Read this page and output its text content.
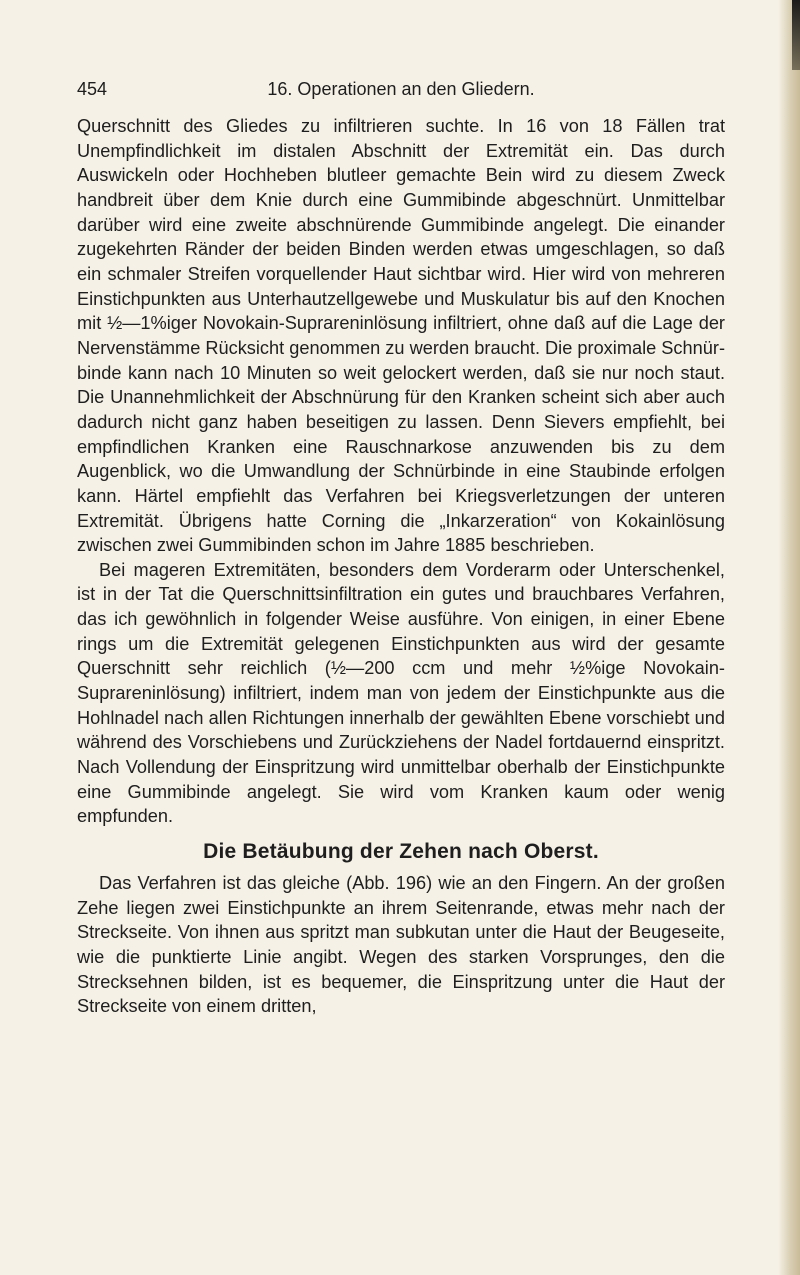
454	16. Operationen an den Gliedern.

Querschnitt des Gliedes zu infiltrieren suchte. In 16 von 18 Fällen trat Unempfindlichkeit im distalen Abschnitt der Extremität ein. Das durch Auswickeln oder Hochheben blutleer gemachte Bein wird zu diesem Zweck handbreit über dem Knie durch eine Gummibinde abgeschnürt. Unmittelbar darüber wird eine zweite abschnürende Gummibinde angelegt. Die einander zugekehrten Ränder der beiden Binden werden etwas umgeschlagen, so daß ein schmaler Streifen vorquellender Haut sichtbar wird. Hier wird von mehreren Einstichpunkten aus Unterhautzellgewebe und Muskulatur bis auf den Knochen mit ½—1%iger Novokain-Suprareninlösung infiltriert, ohne daß auf die Lage der Nervenstämme Rücksicht genommen zu werden braucht. Die proximale Schnürbinde kann nach 10 Minuten so weit gelockert werden, daß sie nur noch staut. Die Unannehmlichkeit der Abschnürung für den Kranken scheint sich aber auch dadurch nicht ganz haben beseitigen zu lassen. Denn Sievers empfiehlt, bei empfindlichen Kranken eine Rauschnarkose anzuwenden bis zu dem Augenblick, wo die Umwandlung der Schnürbinde in eine Staubinde erfolgen kann. Härtel empfiehlt das Verfahren bei Kriegsverletzungen der unteren Extremität. Übrigens hatte Corning die „Inkarzeration“ von Kokainlösung zwischen zwei Gummibinden schon im Jahre 1885 beschrieben.

Bei mageren Extremitäten, besonders dem Vorderarm oder Unterschenkel, ist in der Tat die Querschnittsinfiltration ein gutes und brauchbares Verfahren, das ich gewöhnlich in folgender Weise ausführe. Von einigen, in einer Ebene rings um die Extremität gelegenen Einstichpunkten aus wird der gesamte Querschnitt sehr reichlich (½—200 ccm und mehr ½%ige Novokain-Suprareninlösung) infiltriert, indem man von jedem der Einstichpunkte aus die Hohlnadel nach allen Richtungen innerhalb der gewählten Ebene vorschiebt und während des Vorschiebens und Zurückziehens der Nadel fortdauernd einspritzt. Nach Vollendung der Einspritzung wird unmittelbar oberhalb der Einstichpunkte eine Gummibinde angelegt. Sie wird vom Kranken kaum oder wenig empfunden.

Die Betäubung der Zehen nach Oberst.

Das Verfahren ist das gleiche (Abb. 196) wie an den Fingern. An der großen Zehe liegen zwei Einstichpunkte an ihrem Seitenrande, etwas mehr nach der Streckseite. Von ihnen aus spritzt man subkutan unter die Haut der Beugeseite, wie die punktierte Linie angibt. Wegen des starken Vorsprunges, den die Strecksehnen bilden, ist es bequemer, die Einspritzung unter die Haut der Streckseite von einem dritten,
